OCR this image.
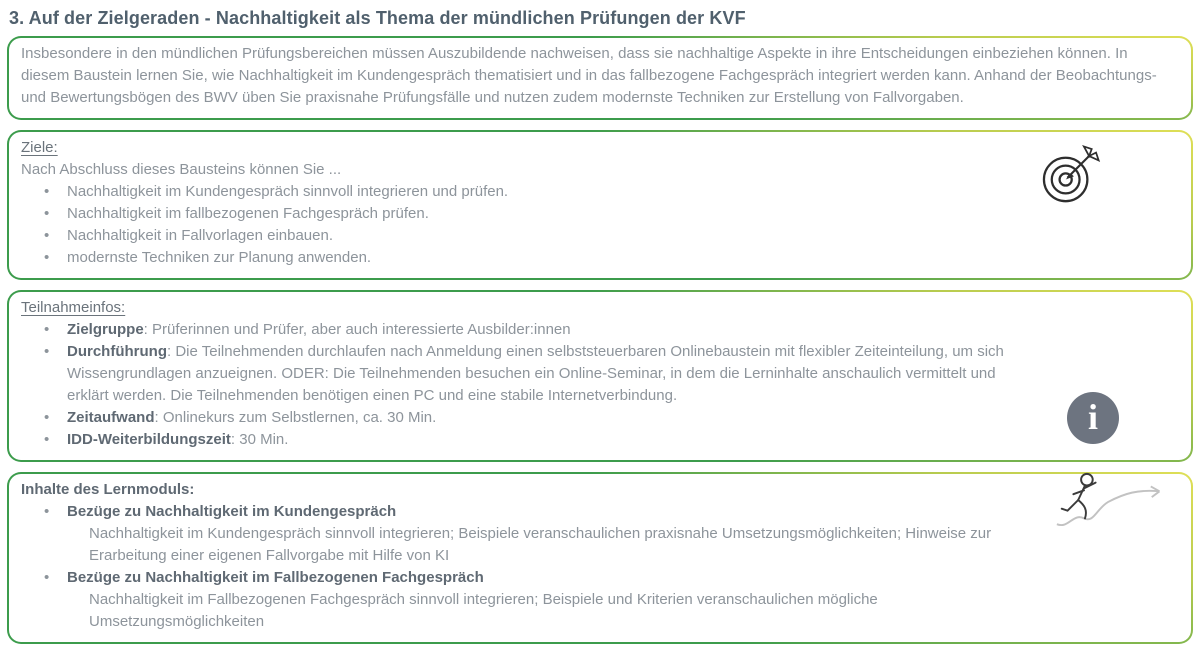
3. Auf der Zielgeraden - Nachhaltigkeit als Thema der mündlichen Prüfungen der KVF

Insbesondere in den mündlichen Prüfungsbereichen müssen Auszubildende nachweisen, dass sie nachhaltige Aspekte in ihre Entscheidungen einbeziehen können. In diesem Baustein lernen Sie, wie Nachhaltigkeit im Kundengespräch thematisiert und in das fallbezogene Fachgespräch integriert werden kann. Anhand der Beobachtungs- und Bewertungsbögen des BWV üben Sie praxisnahe Prüfungsfälle und nutzen zudem modernste Techniken zur Erstellung von Fallvorgaben.

Ziele:

Nach Abschluss dieses Bausteins können Sie ...

• Nachhaltigkeit im Kundengespräch sinnvoll integrieren und prüfen.
• Nachhaltigkeit im fallbezogenen Fachgespräch prüfen.
• Nachhaltigkeit in Fallvorlagen einbauen.
• modernste Techniken zur Planung anwenden.

Teilnahmeinfos:

• Zielgruppe: Prüferinnen und Prüfer, aber auch interessierte Ausbilder:innen
• Durchführung: Die Teilnehmenden durchlaufen nach Anmeldung einen selbststeuerbaren Onlinebaustein mit flexibler Zeiteinteilung, um sich Wissengrundlagen anzueignen. ODER: Die Teilnehmenden besuchen ein Online-Seminar, in dem die Lerninhalte anschaulich vermittelt und erklärt werden. Die Teilnehmenden benötigen einen PC und eine stabile Internetverbindung.
• Zeitaufwand: Onlinekurs zum Selbstlernen, ca. 30 Min.
• IDD-Weiterbildungszeit: 30 Min.
i

Inhalte des Lernmoduls:

• Bezüge zu Nachhaltigkeit im Kundengespräch

Nachhaltigkeit im Kundengespräch sinnvoll integrieren; Beispiele veranschaulichen praxisnahe Umsetzungsmöglichkeiten; Hinweise zur Erarbeitung einer eigenen Fallvorgabe mit Hilfe von KI

• Bezüge zu Nachhaltigkeit im Fallbezogenen Fachgespräch

Nachhaltigkeit im Fallbezogenen Fachgespräch sinnvoll integrieren; Beispiele und Kriterien veranschaulichen mögliche Umsetzungsmöglichkeiten
